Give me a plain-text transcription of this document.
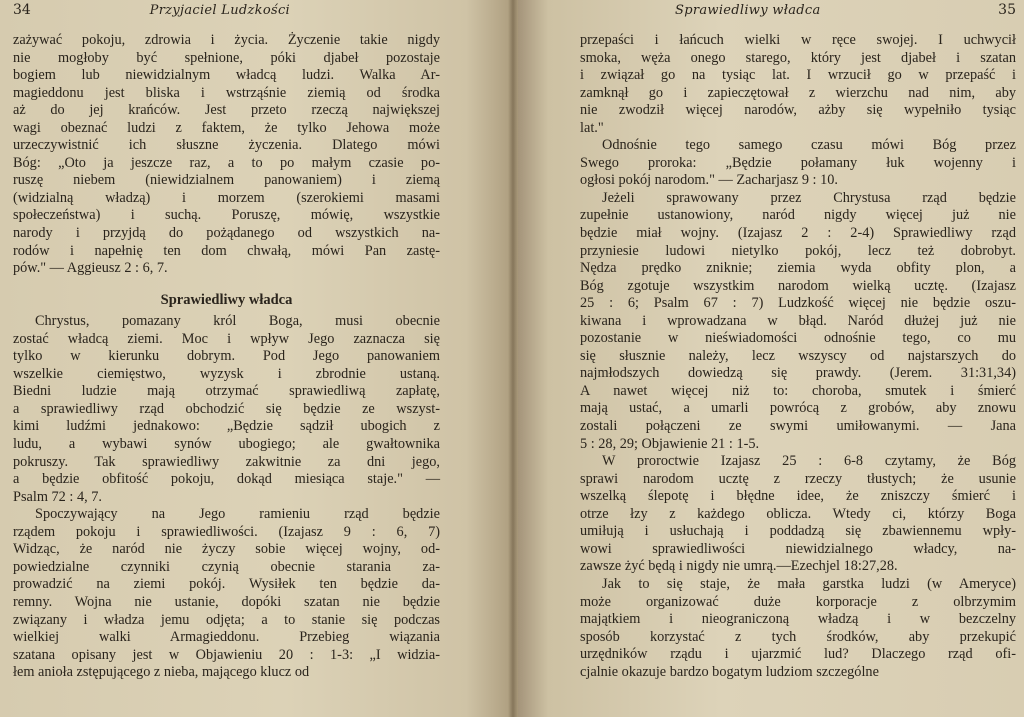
34	Przyjaciel Ludzkości

zażywać pokoju, zdrowia i życia. Życzenie takie nigdy
nie mogłoby być spełnione, póki djabeł pozostaje
bogiem lub niewidzialnym władcą ludzi. Walka Ar-
magieddonu jest bliska i wstrząśnie ziemią od środka
aż do jej krańców. Jest przeto rzeczą największej
wagi obeznać ludzi z faktem, że tylko Jehowa może
urzeczywistnić ich słuszne życzenia. Dlatego mówi
Bóg: „Oto ja jeszcze raz, a to po małym czasie po-
ruszę niebem (niewidzialnem panowaniem) i ziemą
(widzialną władzą) i morzem (szerokiemi masami
społeczeństwa) i suchą. Poruszę, mówię, wszystkie
narody i przyjdą do pożądanego od wszystkich na-
rodów i napełnię ten dom chwałą, mówi Pan zastę-
pów." — Aggieusz 2 : 6, 7.

Sprawiedliwy władca

Chrystus, pomazany król Boga, musi obecnie
zostać władcą ziemi. Moc i wpływ Jego zaznacza się
tylko w kierunku dobrym. Pod Jego panowaniem
wszelkie ciemięstwo, wyzysk i zbrodnie ustaną.
Biedni ludzie mają otrzymać sprawiedliwą zapłatę,
a sprawiedliwy rząd obchodzić się będzie ze wszyst-
kimi ludźmi jednakowo: „Będzie sądził ubogich z
ludu, a wybawi synów ubogiego; ale gwałtownika
pokruszy. Tak sprawiedliwy zakwitnie za dni jego,
a będzie obfitość pokoju, dokąd miesiąca staje." —
Psalm 72 : 4, 7.

Spoczywający na Jego ramieniu rząd będzie
rządem pokoju i sprawiedliwości. (Izajasz 9 : 6, 7)
Widząc, że naród nie życzy sobie więcej wojny, od-
powiedzialne czynniki czynią obecnie starania za-
prowadzić na ziemi pokój. Wysiłek ten będzie da-
remny. Wojna nie ustanie, dopóki szatan nie będzie
związany i władza jemu odjęta; a to stanie się podczas
wielkiej walki Armagieddonu. Przebieg wiązania
szatana opisany jest w Objawieniu 20 : 1-3: „I widzia-
łem anioła zstępującego z nieba, mającego klucz od

Sprawiedliwy władca	35

przepaści i łańcuch wielki w ręce swojej. I uchwycił
smoka, węża onego starego, który jest djabeł i szatan
i związał go na tysiąc lat. I wrzucił go w przepaść i
zamknął go i zapieczętował z wierzchu nad nim, aby
nie zwodził więcej narodów, ażby się wypełniło tysiąc
lat."

Odnośnie tego samego czasu mówi Bóg przez
Swego proroka: „Będzie połamany łuk wojenny i
ogłosi pokój narodom." — Zacharjasz 9 : 10.

Jeżeli sprawowany przez Chrystusa rząd będzie
zupełnie ustanowiony, naród nigdy więcej już nie
będzie miał wojny. (Izajasz 2 : 2-4) Sprawiedliwy rząd
przyniesie ludowi nietylko pokój, lecz też dobrobyt.
Nędza prędko zniknie; ziemia wyda obfity plon, a
Bóg zgotuje wszystkim narodom wielką ucztę. (Izajasz
25 : 6; Psalm 67 : 7) Ludzkość więcej nie będzie oszu-
kiwana i wprowadzana w błąd. Naród dłużej już nie
pozostanie w nieświadomości odnośnie tego, co mu
się słusznie należy, lecz wszyscy od najstarszych do
najmłodszych dowiedzą się prawdy. (Jerem. 31:31,34)
A nawet więcej niż to: choroba, smutek i śmierć
mają ustać, a umarli powrócą z grobów, aby znowu
zostali połączeni ze swymi umiłowanymi. — Jana
5 : 28, 29; Objawienie 21 : 1-5.

W proroctwie Izajasz 25 : 6-8 czytamy, że Bóg
sprawi narodom ucztę z rzeczy tłustych; że usunie
wszelką ślepotę i błędne idee, że zniszczy śmierć i
otrze łzy z każdego oblicza. Wtedy ci, którzy Boga
umiłują i usłuchają i poddadzą się zbawiennemu wpły-
wowi sprawiedliwości niewidzialnego władcy, na-
zawsze żyć będą i nigdy nie umrą.—Ezechjel 18:27,28.

Jak to się staje, że mała garstka ludzi (w Ameryce)
może organizować duże korporacje z olbrzymim
majątkiem i nieograniczoną władzą i w bezczelny
sposób korzystać z tych środków, aby przekupić
urzędników rządu i ujarzmić lud? Dlaczego rząd ofi-
cjalnie okazuje bardzo bogatym ludziom szczególne
